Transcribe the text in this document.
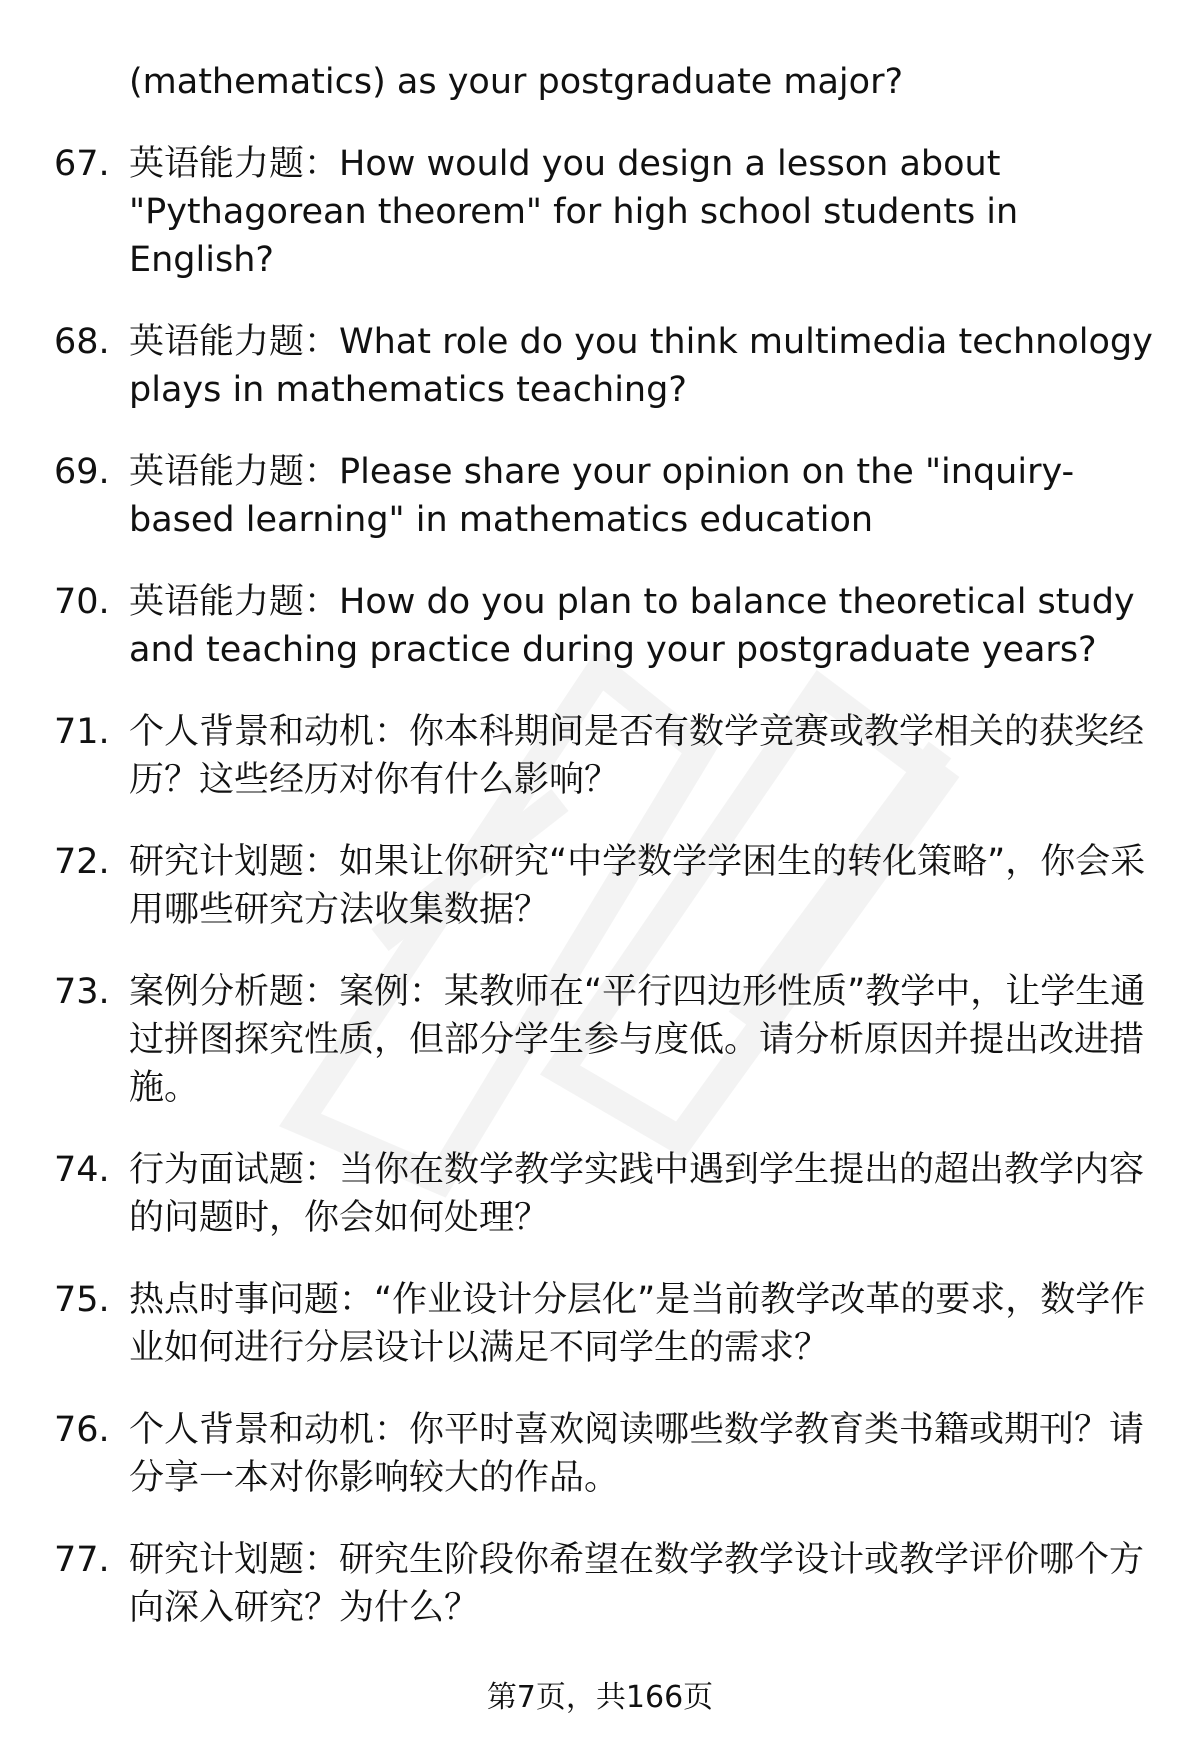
(mathematics) as your postgraduate major?

67. 英语能力题：How would you design a lesson about "Pythagorean theorem" for high school students in English?
68. 英语能力题：What role do you think multimedia technology plays in mathematics teaching?
69. 英语能力题：Please share your opinion on the "inquiry-based learning" in mathematics education
70. 英语能力题：How do you plan to balance theoretical study and teaching practice during your postgraduate years?
71. 个人背景和动机：你本科期间是否有数学竞赛或教学相关的获奖经历？这些经历对你有什么影响？
72. 研究计划题：如果让你研究“中学数学学困生的转化策略”，你会采用哪些研究方法收集数据？
73. 案例分析题：案例：某教师在“平行四边形性质”教学中，让学生通过拼图探究性质，但部分学生参与度低。请分析原因并提出改进措施。
74. 行为面试题：当你在数学教学实践中遇到学生提出的超出教学内容的问题时，你会如何处理？
75. 热点时事问题：“作业设计分层化”是当前教学改革的要求，数学作业如何进行分层设计以满足不同学生的需求？
76. 个人背景和动机：你平时喜欢阅读哪些数学教育类书籍或期刊？请分享一本对你影响较大的作品。
77. 研究计划题：研究生阶段你希望在数学教学设计或教学评价哪个方向深入研究？为什么？
第7页，共166页
